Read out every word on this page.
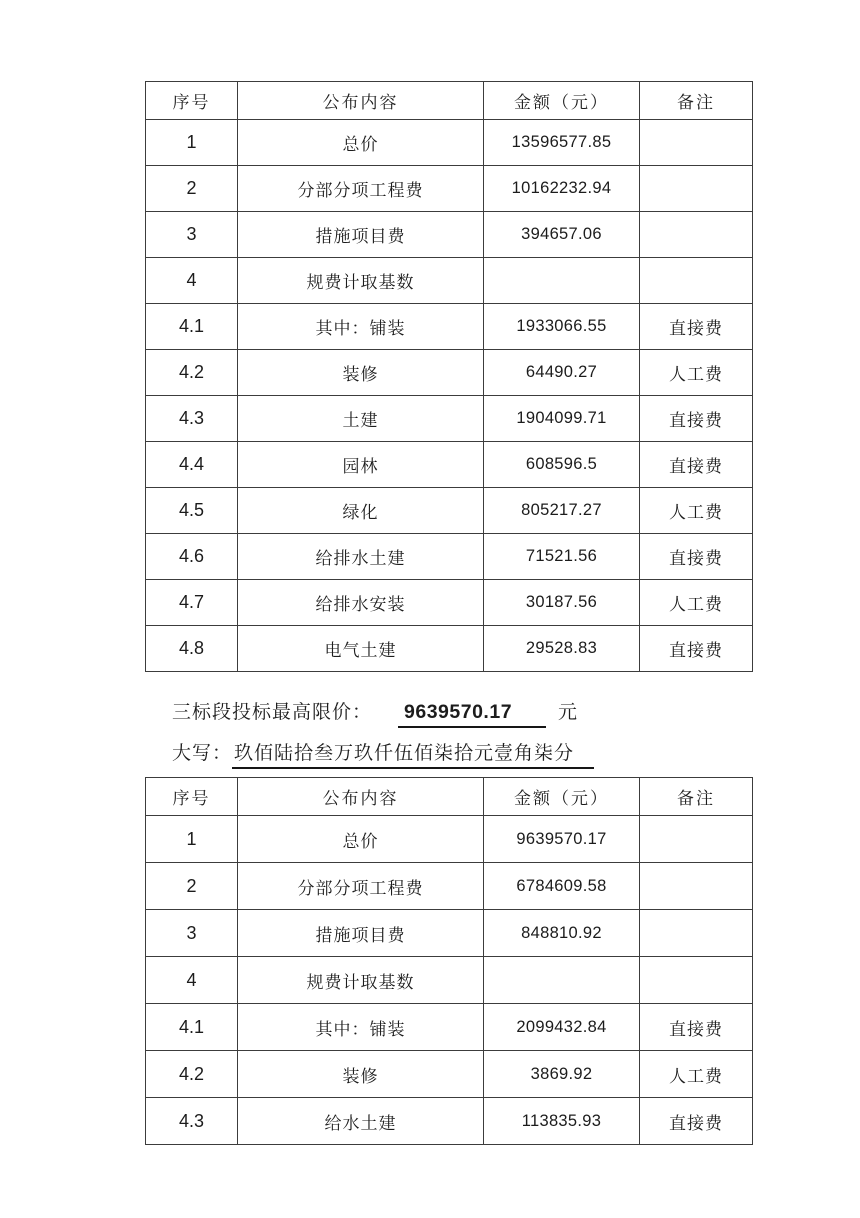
序号	公布内容	金额（元）	备注
1	总价	13596577.85	
2	分部分项工程费	10162232.94	
3	措施项目费	394657.06	
4	规费计取基数		
4.1	其中：铺装	1933066.55	直接费
4.2	装修	64490.27	人工费
4.3	土建	1904099.71	直接费
4.4	园林	608596.5	直接费
4.5	绿化	805217.27	人工费
4.6	给排水土建	71521.56	直接费
4.7	给排水安装	30187.56	人工费
4.8	电气土建	29528.83	直接费
三标段投标最高限价： 9639570.17 元
大写： 玖佰陆拾叁万玖仟伍佰柒拾元壹角柒分
序号	公布内容	金额（元）	备注
1	总价	9639570.17	
2	分部分项工程费	6784609.58	
3	措施项目费	848810.92	
4	规费计取基数		
4.1	其中：铺装	2099432.84	直接费
4.2	装修	3869.92	人工费
4.3	给水土建	113835.93	直接费
